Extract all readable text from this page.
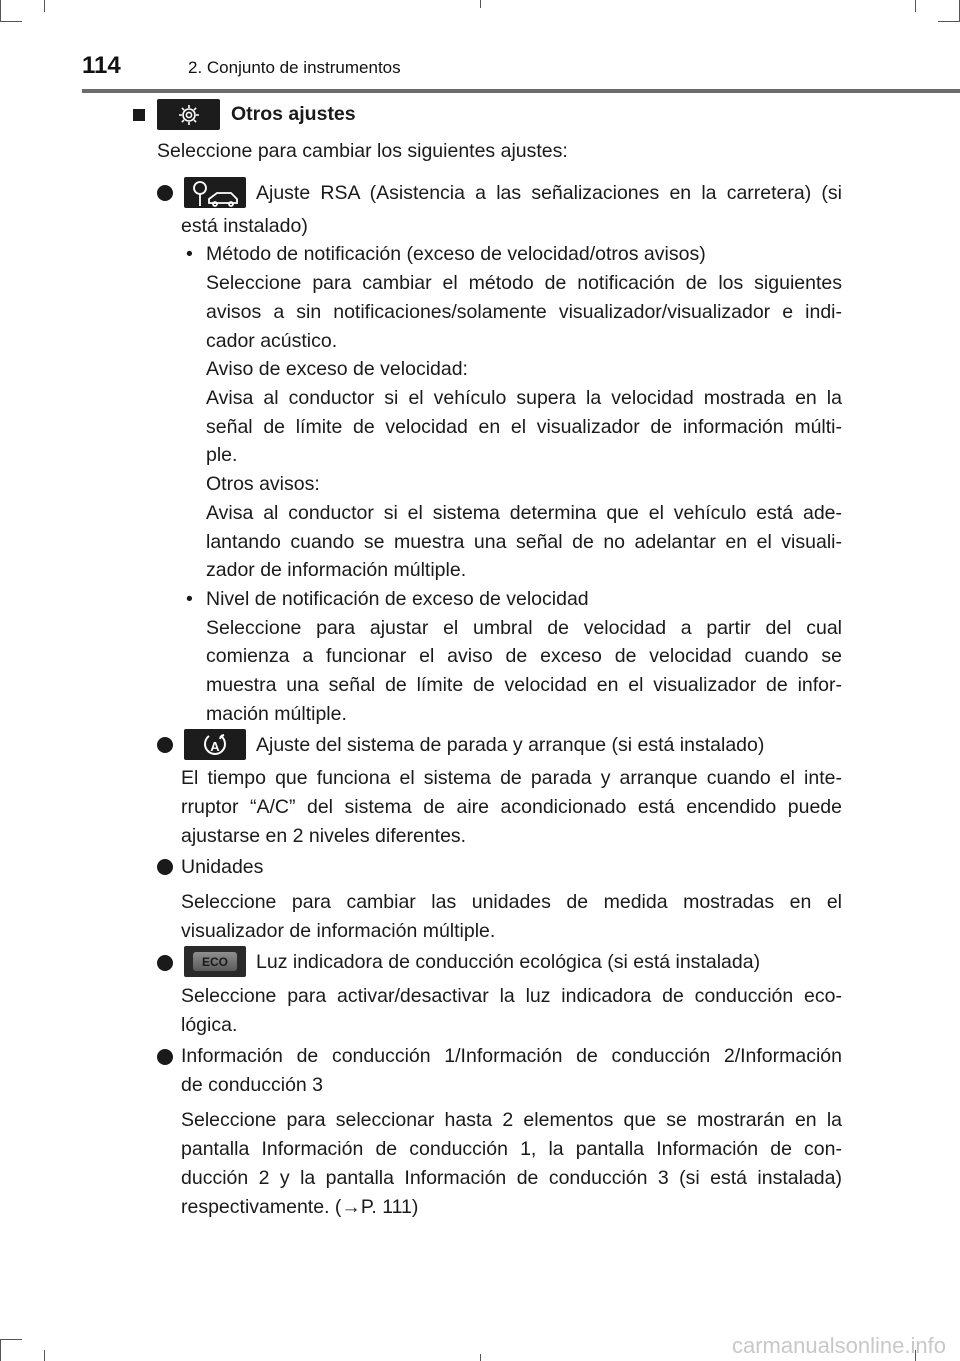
114	2. Conjunto de instrumentos
Otros ajustes
Seleccione para cambiar los siguientes ajustes:
Ajuste RSA (Asistencia a las señalizaciones en la carretera) (si
está instalado)
• Método de notificación (exceso de velocidad/otros avisos)
Seleccione para cambiar el método de notificación de los siguientes
avisos a sin notificaciones/solamente visualizador/visualizador e indi-
cador acústico.
Aviso de exceso de velocidad:
Avisa al conductor si el vehículo supera la velocidad mostrada en la
señal de límite de velocidad en el visualizador de información múlti-
ple.
Otros avisos:
Avisa al conductor si el sistema determina que el vehículo está ade-
lantando cuando se muestra una señal de no adelantar en el visuali-
zador de información múltiple.
• Nivel de notificación de exceso de velocidad
Seleccione para ajustar el umbral de velocidad a partir del cual
comienza a funcionar el aviso de exceso de velocidad cuando se
muestra una señal de límite de velocidad en el visualizador de infor-
mación múltiple.
A Ajuste del sistema de parada y arranque (si está instalado)
El tiempo que funciona el sistema de parada y arranque cuando el inte-
rruptor “A/C” del sistema de aire acondicionado está encendido puede
ajustarse en 2 niveles diferentes.
Unidades
Seleccione para cambiar las unidades de medida mostradas en el
visualizador de información múltiple.
ECO	Luz indicadora de conducción ecológica (si está instalada)
Seleccione para activar/desactivar la luz indicadora de conducción eco-
lógica.
Información de conducción 1/Información de conducción 2/Información
de conducción 3
Seleccione para seleccionar hasta 2 elementos que se mostrarán en la
pantalla Información de conducción 1, la pantalla Información de con-
ducción 2 y la pantalla Información de conducción 3 (si está instalada)
respectivamente. (→P. 111)
carmanualsonline.info
